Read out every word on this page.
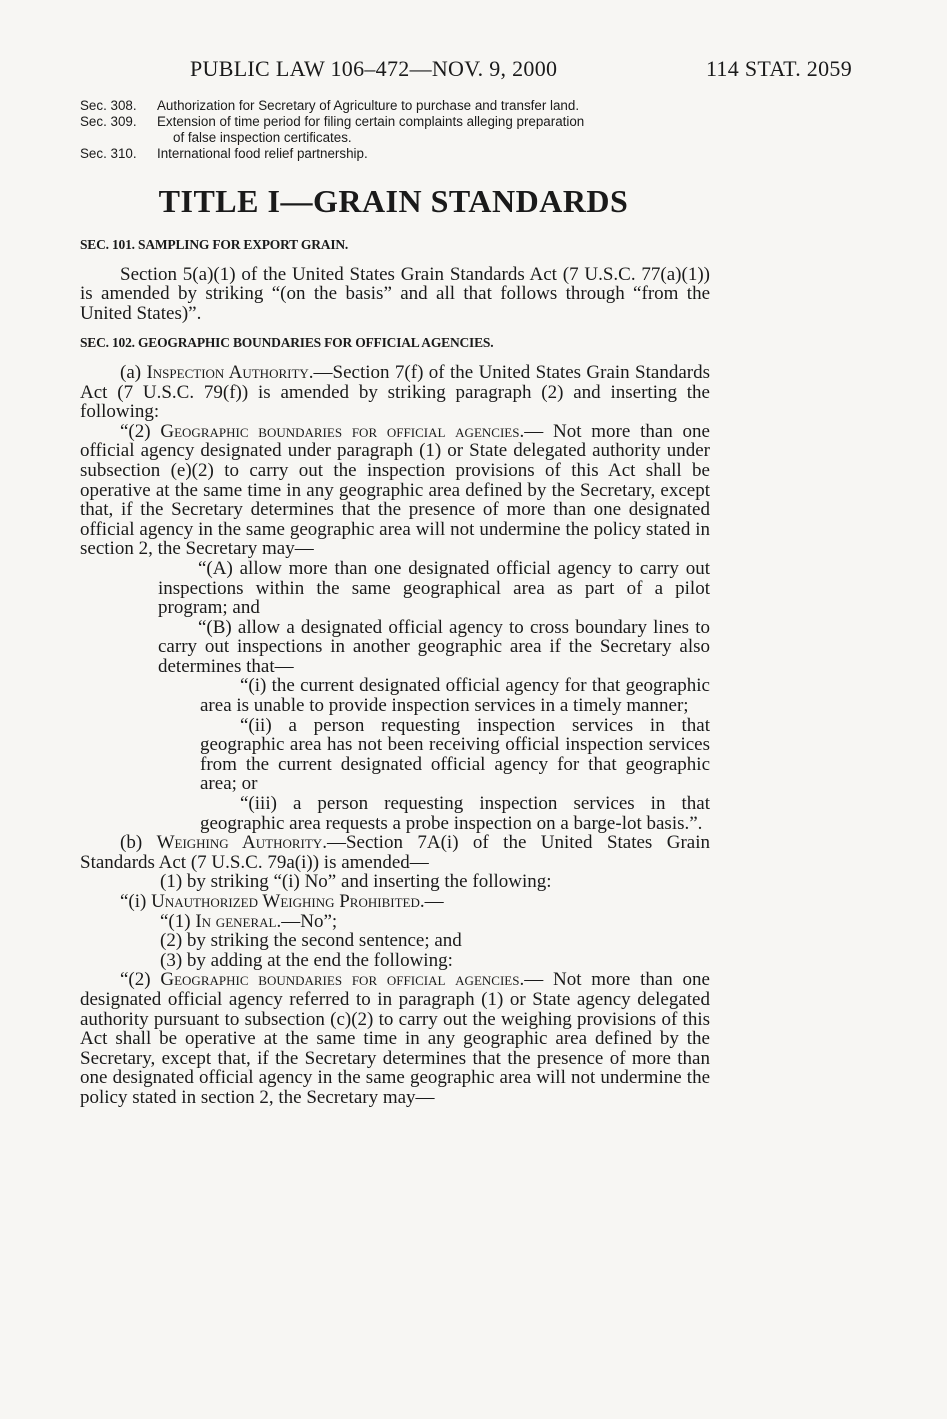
PUBLIC LAW 106–472—NOV. 9, 2000	114 STAT. 2059
Sec. 308. Authorization for Secretary of Agriculture to purchase and transfer land.
Sec. 309. Extension of time period for filing certain complaints alleging preparation
of false inspection certificates.
Sec. 310. International food relief partnership.
TITLE I—GRAIN STANDARDS
SEC. 101. SAMPLING FOR EXPORT GRAIN.

Section 5(a)(1) of the United States Grain Standards Act (7 U.S.C. 77(a)(1)) is amended by striking “(on the basis” and all that follows through “from the United States)”.

SEC. 102. GEOGRAPHIC BOUNDARIES FOR OFFICIAL AGENCIES.

(a) Inspection Authority.—Section 7(f) of the United States Grain Standards Act (7 U.S.C. 79(f)) is amended by striking paragraph (2) and inserting the following:

“(2) Geographic boundaries for official agencies.— Not more than one official agency designated under paragraph (1) or State delegated authority under subsection (e)(2) to carry out the inspection provisions of this Act shall be operative at the same time in any geographic area defined by the Secretary, except that, if the Secretary determines that the presence of more than one designated official agency in the same geographic area will not undermine the policy stated in section 2, the Secretary may—

“(A) allow more than one designated official agency to carry out inspections within the same geographical area as part of a pilot program; and

“(B) allow a designated official agency to cross boundary lines to carry out inspections in another geographic area if the Secretary also determines that—

“(i) the current designated official agency for that geographic area is unable to provide inspection services in a timely manner;

“(ii) a person requesting inspection services in that geographic area has not been receiving official inspection services from the current designated official agency for that geographic area; or

“(iii) a person requesting inspection services in that geographic area requests a probe inspection on a barge-lot basis.”.

(b) Weighing Authority.—Section 7A(i) of the United States Grain Standards Act (7 U.S.C. 79a(i)) is amended—

(1) by striking “(i) No” and inserting the following:

“(i) Unauthorized Weighing Prohibited.—

“(1) In general.—No”;

(2) by striking the second sentence; and

(3) by adding at the end the following:

“(2) Geographic boundaries for official agencies.— Not more than one designated official agency referred to in paragraph (1) or State agency delegated authority pursuant to subsection (c)(2) to carry out the weighing provisions of this Act shall be operative at the same time in any geographic area defined by the Secretary, except that, if the Secretary determines that the presence of more than one designated official agency in the same geographic area will not undermine the policy stated in section 2, the Secretary may—
